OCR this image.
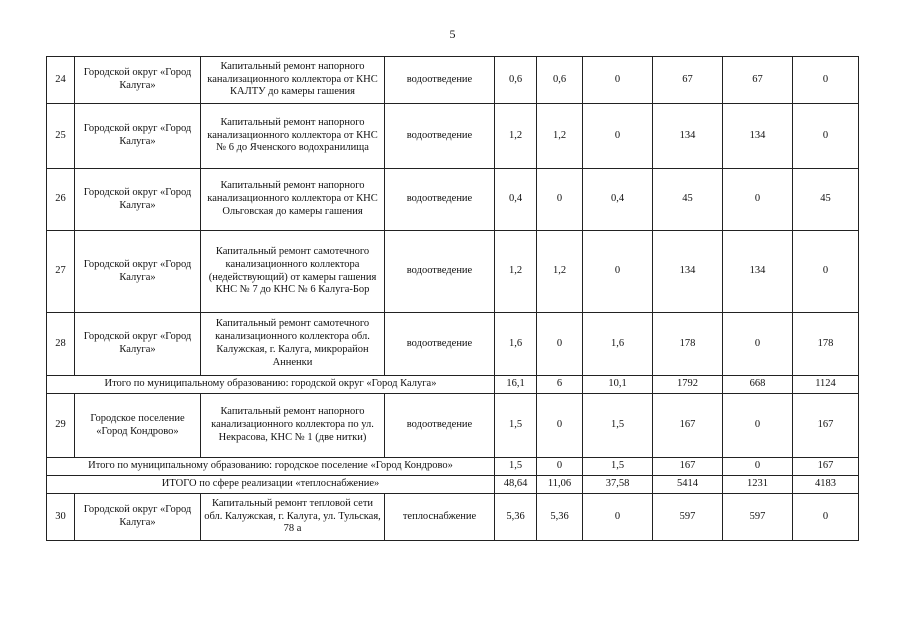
5
24	Городской округ «Город Калуга»	Капитальный ремонт напорного канализационного коллектора от КНС КАЛТУ до камеры гашения	водоотведение	0,6	0,6	0	67	67	0
25	Городской округ «Город Калуга»	Капитальный ремонт напорного канализационного коллектора от КНС № 6 до Яченского водохранилища	водоотведение	1,2	1,2	0	134	134	0
26	Городской округ «Город Калуга»	Капитальный ремонт напорного канализационного коллектора от КНС Ольговская до камеры гашения	водоотведение	0,4	0	0,4	45	0	45
27	Городской округ «Город Калуга»	Капитальный ремонт самотечного канализационного коллектора (недействующий) от камеры гашения КНС № 7 до КНС № 6 Калуга-Бор	водоотведение	1,2	1,2	0	134	134	0
28	Городской округ «Город Калуга»	Капитальный ремонт самотечного канализационного коллектора обл. Калужская, г. Калуга, микрорайон Анненки	водоотведение	1,6	0	1,6	178	0	178
Итого по муниципальному образованию: городской округ «Город Калуга»				16,1	6	10,1	1792	668	1124
29	Городское поселение «Город Кондрово»	Капитальный ремонт напорного канализационного коллектора по ул. Некрасова, КНС № 1 (две нитки)	водоотведение	1,5	0	1,5	167	0	167
Итого по муниципальному образованию: городское поселение «Город Кондрово»				1,5	0	1,5	167	0	167
ИТОГО по сфере реализации «теплоснабжение»				48,64	11,06	37,58	5414	1231	4183
30	Городской округ «Город Калуга»	Капитальный ремонт тепловой сети обл. Калужская, г. Калуга, ул. Тульская, 78 а	теплоснабжение	5,36	5,36	0	597	597	0
